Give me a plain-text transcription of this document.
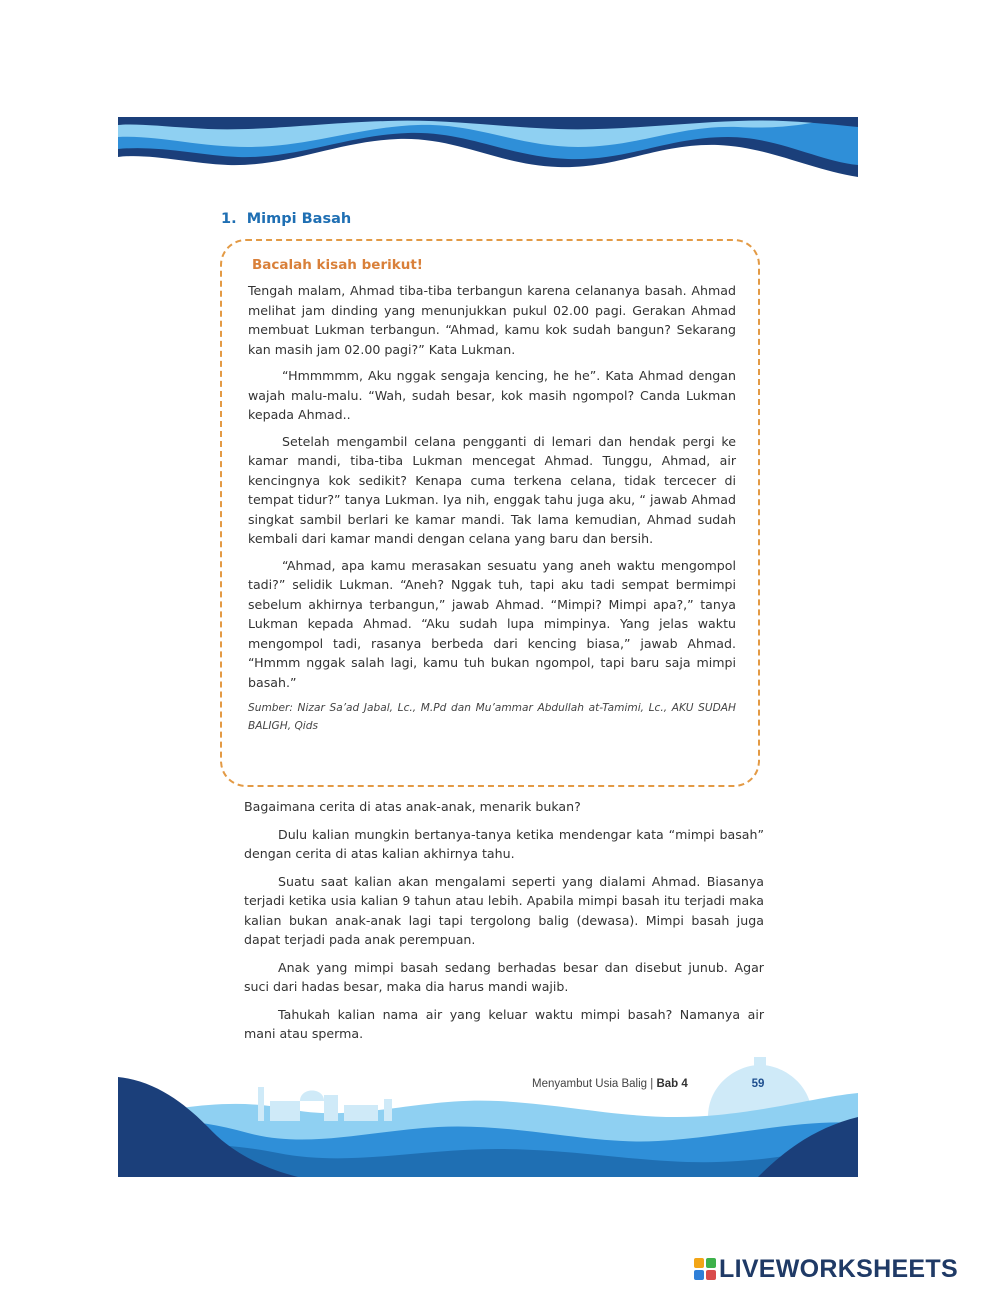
1. Mimpi Basah
Bacalah kisah berikut!

Tengah malam, Ahmad tiba-tiba terbangun karena celananya basah. Ahmad melihat jam dinding yang menunjukkan pukul 02.00 pagi. Gerakan Ahmad membuat Lukman terbangun. “Ahmad, kamu kok sudah bangun? Sekarang kan masih jam 02.00 pagi?” Kata Lukman.

“Hmmmmm, Aku nggak sengaja kencing, he he”. Kata Ahmad dengan wajah malu-malu. “Wah, sudah besar, kok masih ngompol? Canda Lukman kepada Ahmad..

Setelah mengambil celana pengganti di lemari dan hendak pergi ke kamar mandi, tiba-tiba Lukman mencegat Ahmad. Tunggu, Ahmad, air kencingnya kok sedikit? Kenapa cuma terkena celana, tidak tercecer di tempat tidur?” tanya Lukman. Iya nih, enggak tahu juga aku, “ jawab Ahmad singkat sambil berlari ke kamar mandi. Tak lama kemudian, Ahmad sudah kembali dari kamar mandi dengan celana yang baru dan bersih.

“Ahmad, apa kamu merasakan sesuatu yang aneh waktu mengompol tadi?” selidik Lukman. “Aneh? Nggak tuh, tapi aku tadi sempat bermimpi sebelum akhirnya terbangun,” jawab Ahmad. “Mimpi? Mimpi apa?,” tanya Lukman kepada Ahmad. “Aku sudah lupa mimpinya. Yang jelas waktu mengompol tadi, rasanya berbeda dari kencing biasa,” jawab Ahmad. “Hmmm nggak salah lagi, kamu tuh bukan ngompol, tapi baru saja mimpi basah.”

Sumber: Nizar Sa’ad Jabal, Lc., M.Pd dan Mu’ammar Abdullah at-Tamimi, Lc., AKU SUDAH BALIGH, Qids

Bagaimana cerita di atas anak-anak, menarik bukan?

Dulu kalian mungkin bertanya-tanya ketika mendengar kata “mimpi basah” dengan cerita di atas kalian akhirnya tahu.

Suatu saat kalian akan mengalami seperti yang dialami Ahmad. Biasanya terjadi ketika usia kalian 9 tahun atau lebih. Apabila mimpi basah itu terjadi maka kalian bukan anak-anak lagi tapi tergolong balig (dewasa). Mimpi basah juga dapat terjadi pada anak perempuan.

Anak yang mimpi basah sedang berhadas besar dan disebut junub. Agar suci dari hadas besar, maka dia harus mandi wajib.

Tahukah kalian nama air yang keluar waktu mimpi basah? Namanya air mani atau sperma.

Menyambut Usia Balig | Bab 4	59
LIVEWORKSHEETS
